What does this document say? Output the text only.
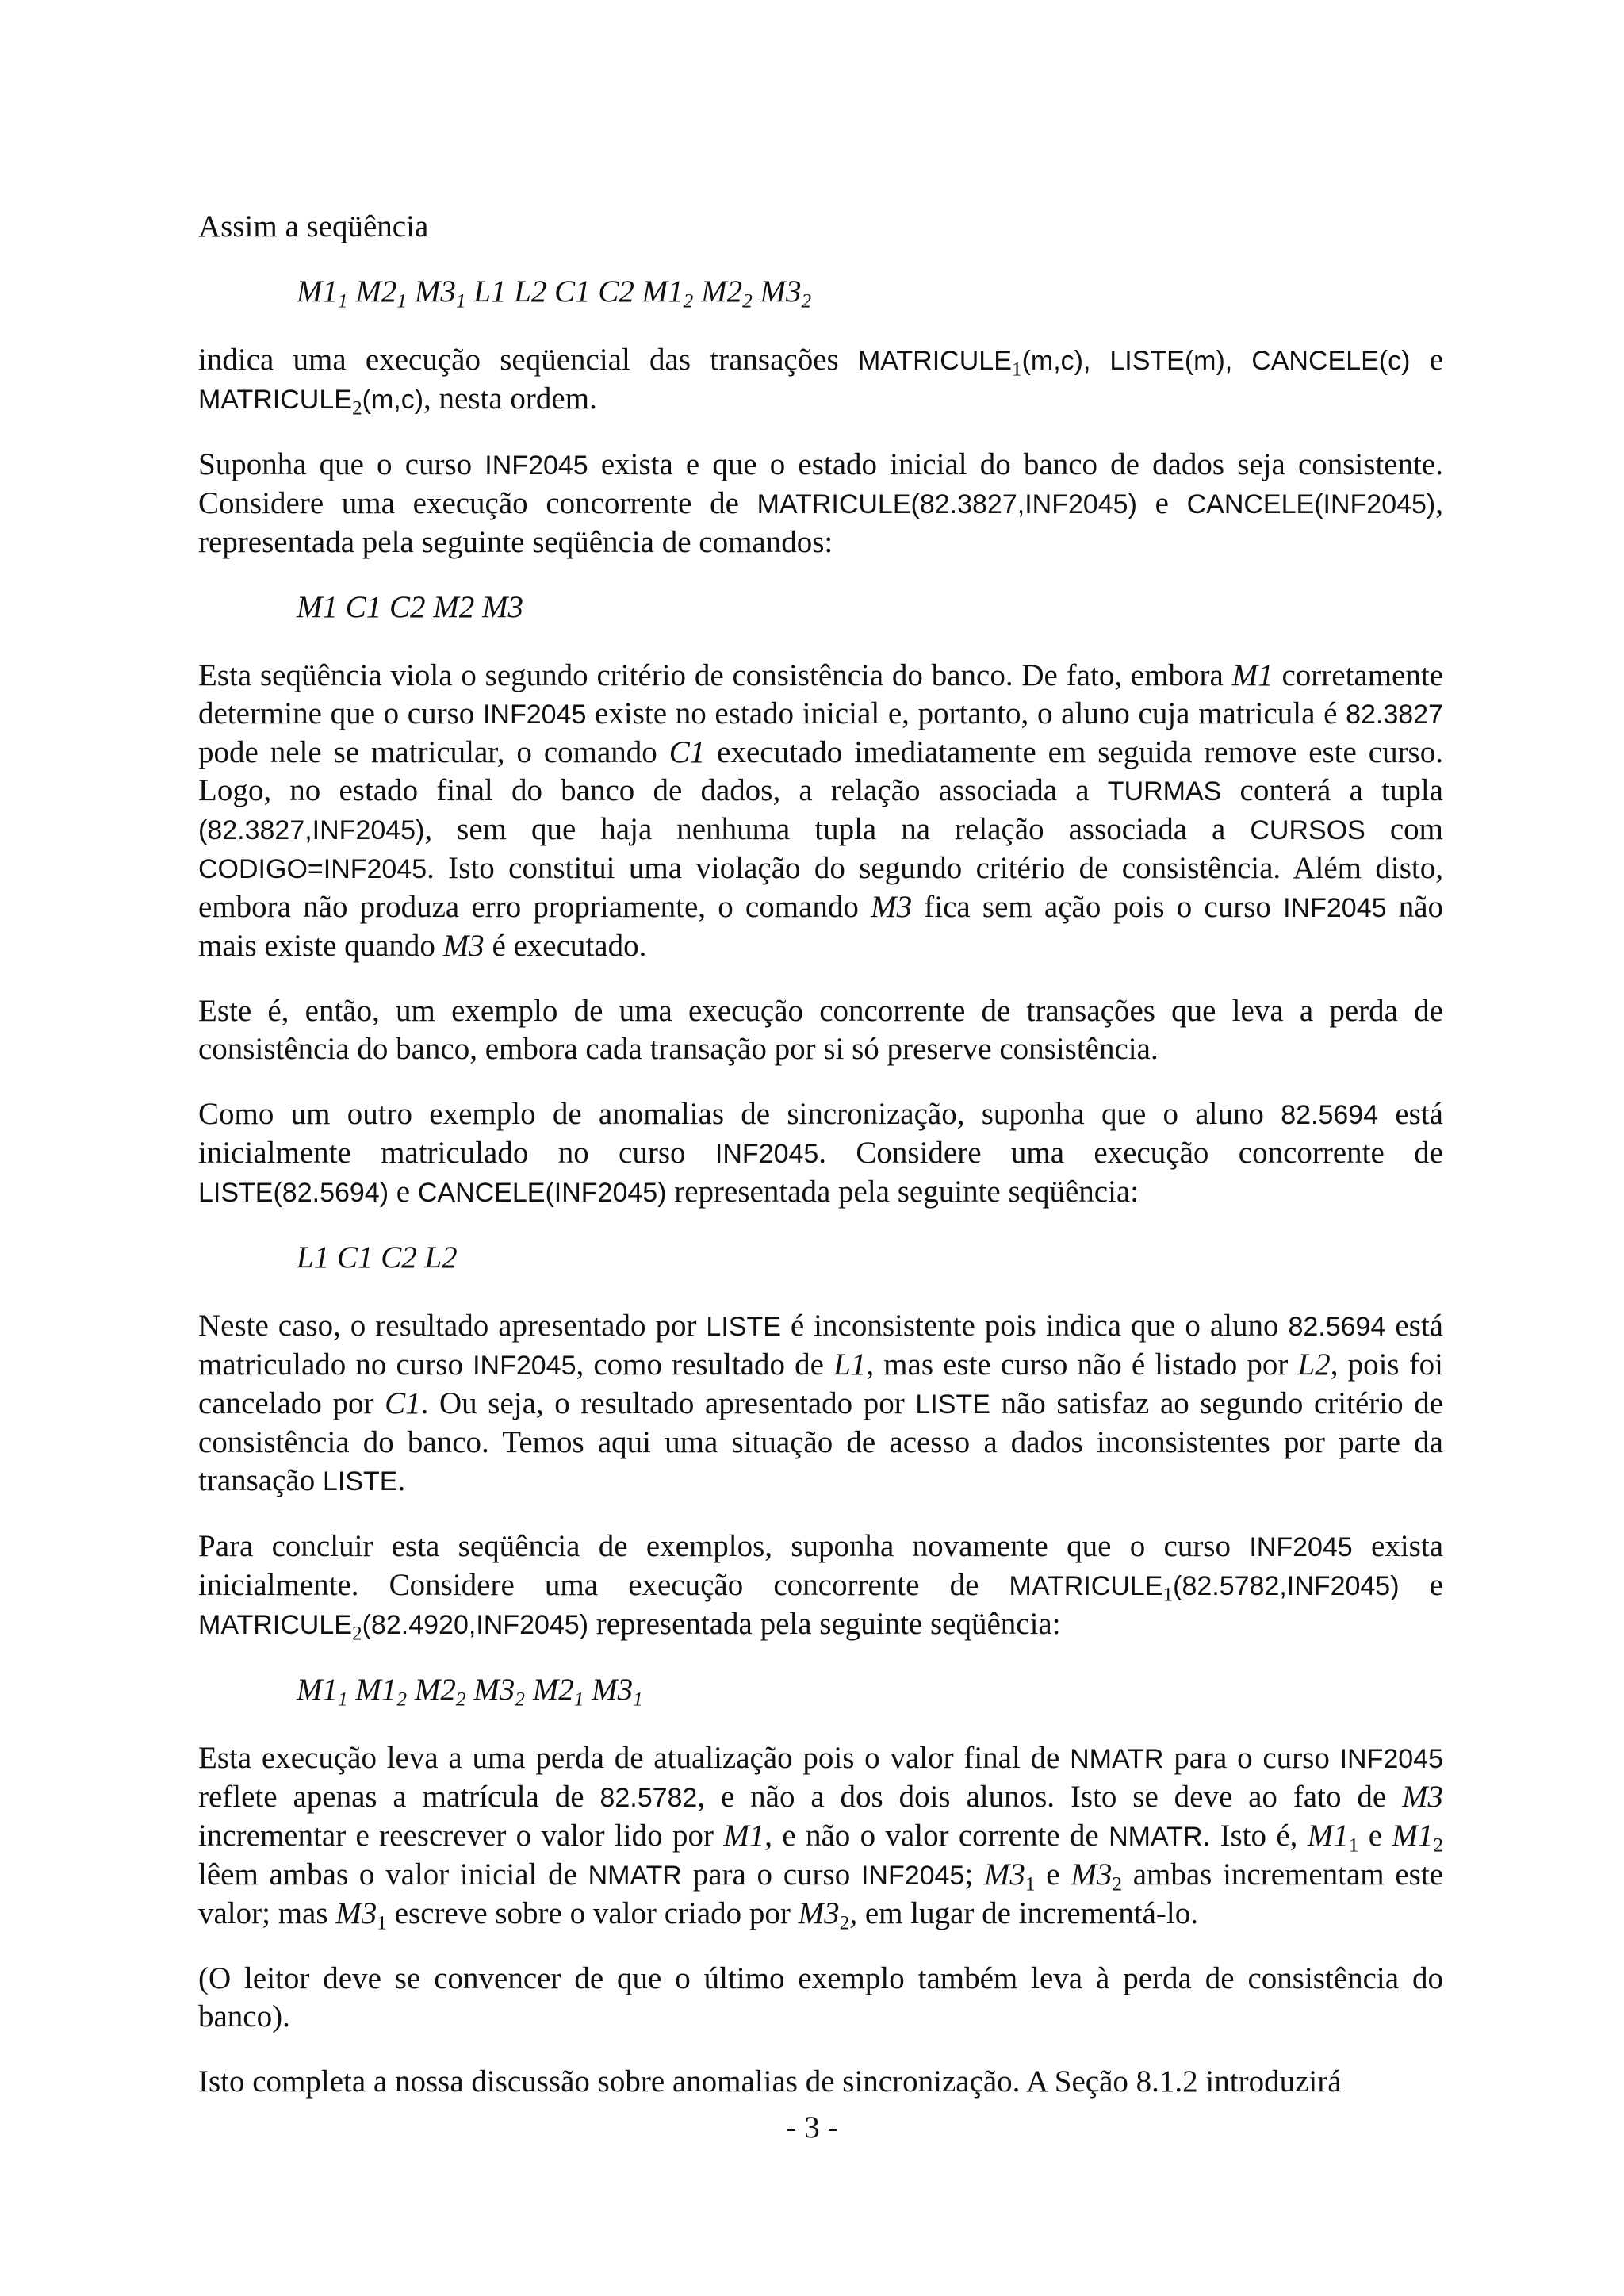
Assim a seqüência

$M1_1$ $M2_1$ $M3_1$ L1 L2 C1 C2 $M1_2$ $M2_2$ $M3_2$

indica uma execução seqüencial das transações $MATRICULE_1(m,c)$, LISTE(m), CANCELE(c) e $MATRICULE_2(m,c)$, nesta ordem.

Suponha que o curso INF2045 exista e que o estado inicial do banco de dados seja consistente. Considere uma execução concorrente de MATRICULE(82.3827,INF2045) e CANCELE(INF2045), representada pela seguinte seqüência de comandos:

M1 C1 C2 M2 M3

Esta seqüência viola o segundo critério de consistência do banco. De fato, embora M1 corretamente determine que o curso INF2045 existe no estado inicial e, portanto, o aluno cuja matricula é 82.3827 pode nele se matricular, o comando C1 executado imediatamente em seguida remove este curso. Logo, no estado final do banco de dados, a relação associada a TURMAS conterá a tupla (82.3827,INF2045), sem que haja nenhuma tupla na relação associada a CURSOS com CODIGO=INF2045. Isto constitui uma violação do segundo critério de consistência. Além disto, embora não produza erro propriamente, o comando M3 fica sem ação pois o curso INF2045 não mais existe quando M3 é executado.

Este é, então, um exemplo de uma execução concorrente de transações que leva a perda de consistência do banco, embora cada transação por si só preserve consistência.

Como um outro exemplo de anomalias de sincronização, suponha que o aluno 82.5694 está inicialmente matriculado no curso INF2045. Considere uma execução concorrente de LISTE(82.5694) e CANCELE(INF2045) representada pela seguinte seqüência:

L1 C1 C2 L2

Neste caso, o resultado apresentado por LISTE é inconsistente pois indica que o aluno 82.5694 está matriculado no curso INF2045, como resultado de L1, mas este curso não é listado por L2, pois foi cancelado por C1. Ou seja, o resultado apresentado por LISTE não satisfaz ao segundo critério de consistência do banco. Temos aqui uma situação de acesso a dados inconsistentes por parte da transação LISTE.

Para concluir esta seqüência de exemplos, suponha novamente que o curso INF2045 exista inicialmente. Considere uma execução concorrente de $MATRICULE_1(82.5782,INF2045)$ e $MATRICULE_2(82.4920,INF2045)$ representada pela seguinte seqüência:

$M1_1$ $M1_2$ $M2_2$ $M3_2$ $M2_1$ $M3_1$

Esta execução leva a uma perda de atualização pois o valor final de NMATR para o curso INF2045 reflete apenas a matrícula de 82.5782, e não a dos dois alunos. Isto se deve ao fato de M3 incrementar e reescrever o valor lido por M1, e não o valor corrente de NMATR. Isto é, $M1_1$ e $M1_2$ lêem ambas o valor inicial de NMATR para o curso INF2045; $M3_1$ e $M3_2$ ambas incrementam este valor; mas $M3_1$ escreve sobre o valor criado por $M3_2$, em lugar de incrementá-lo.

(O leitor deve se convencer de que o último exemplo também leva à perda de consistência do banco).

Isto completa a nossa discussão sobre anomalias de sincronização. A Seção 8.1.2 introduzirá

- 3 -
